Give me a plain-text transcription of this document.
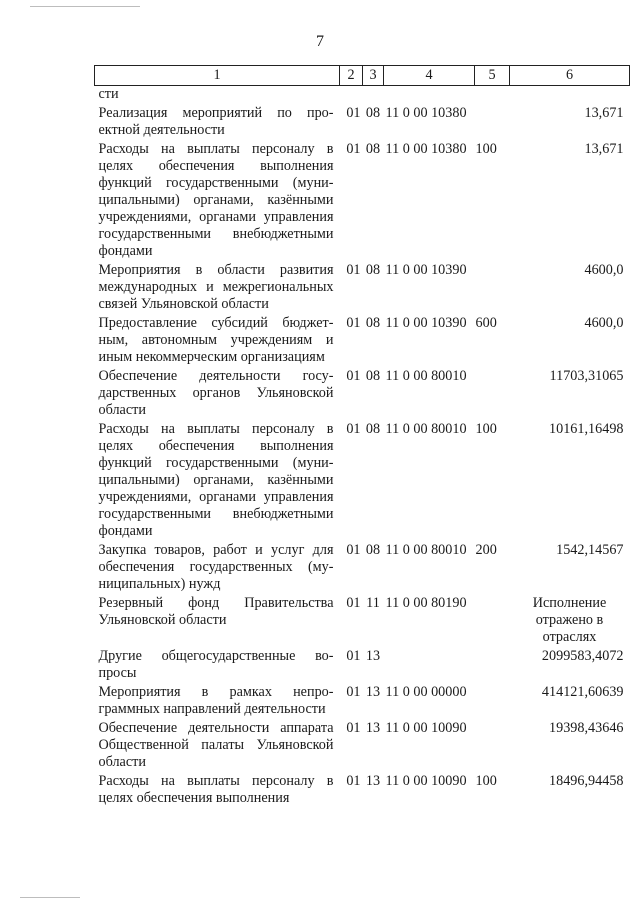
7
1	2	3	4	5	6
сти					
Реализация мероприятий по проектной деятельности	01	08	11 0 00 10380		13,671
Расходы на выплаты персоналу в целях обеспечения выполнения функций государственными (муниципальными) органами, казёнными учреждениями, органами управления государственными внебюджетными фондами	01	08	11 0 00 10380	100	13,671
Мероприятия в области развития международных и межрегиональных связей Ульяновской области	01	08	11 0 00 10390		4600,0
Предоставление субсидий бюджетным, автономным учреждениям и иным некоммерческим организациям	01	08	11 0 00 10390	600	4600,0
Обеспечение деятельности государственных органов Ульяновской области	01	08	11 0 00 80010		11703,31065
Расходы на выплаты персоналу в целях обеспечения выполнения функций государственными (муниципальными) органами, казёнными учреждениями, органами управления государственными внебюджетными фондами	01	08	11 0 00 80010	100	10161,16498
Закупка товаров, работ и услуг для обеспечения государственных (муниципальных) нужд	01	08	11 0 00 80010	200	1542,14567
Резервный фонд Правительства Ульяновской области	01	11	11 0 00 80190		Исполнение отражено в отраслях
Другие общегосударственные вопросы	01	13			2099583,4072
Мероприятия в рамках непрограммных направлений деятельности	01	13	11 0 00 00000		414121,60639
Обеспечение деятельности аппарата Общественной палаты Ульяновской области	01	13	11 0 00 10090		19398,43646
Расходы на выплаты персоналу в целях обеспечения выполнения	01	13	11 0 00 10090	100	18496,94458
